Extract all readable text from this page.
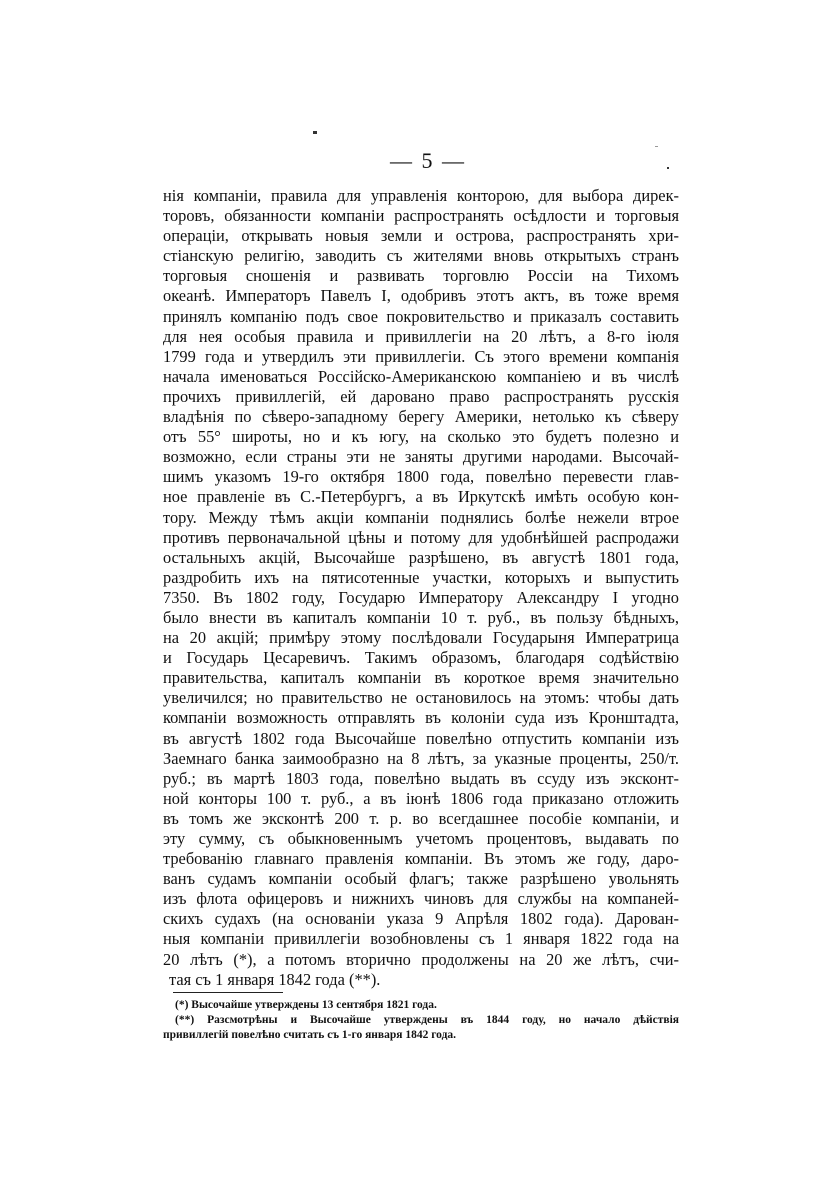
— 5 —
нія компаніи, правила для управленія конторою, для выбора дирек-
торовъ, обязанности компаніи распространять осѣдлости и торговыя
операціи, открывать новыя земли и острова, распространять хри-
стіанскую религію, заводить съ жителями вновь открытыхъ странъ
торговыя сношенія и развивать торговлю Россіи на Тихомъ
океанѣ. Императоръ Павелъ I, одобривъ этотъ актъ, въ тоже время
принялъ компанію подъ свое покровительство и приказалъ составить
для нея особыя правила и привиллегіи на 20 лѣтъ, а 8-го іюля
1799 года и утвердилъ эти привиллегіи. Съ этого времени компанія
начала именоваться Россійско-Американскою компаніею и въ числѣ
прочихъ привиллегій, ей даровано право распространять русскія
владѣнія по сѣверо-западному берегу Америки, нетолько къ сѣверу
отъ 55° широты, но и къ югу, на сколько это будетъ полезно и
возможно, если страны эти не заняты другими народами. Высочай-
шимъ указомъ 19-го октября 1800 года, повелѣно перевести глав-
ное правленіе въ С.-Петербургъ, а въ Иркутскѣ имѣть особую кон-
тору. Между тѣмъ акціи компаніи поднялись болѣе нежели втрое
противъ первоначальной цѣны и потому для удобнѣйшей распродажи
остальныхъ акцій, Высочайше разрѣшено, въ августѣ 1801 года,
раздробить ихъ на пятисотенные участки, которыхъ и выпустить
7350. Въ 1802 году, Государю Императору Александру I угодно
было внести въ капиталъ компаніи 10 т. руб., въ пользу бѣдныхъ,
на 20 акцій; примѣру этому послѣдовали Государыня Императрица
и Государь Цесаревичъ. Такимъ образомъ, благодаря содѣйствію
правительства, капиталъ компаніи въ короткое время значительно
увеличился; но правительство не остановилось на этомъ: чтобы дать
компаніи возможность отправлять въ колоніи суда изъ Кронштадта,
въ августѣ 1802 года Высочайше повелѣно отпустить компаніи изъ
Заемнаго банка заимообразно на 8 лѣтъ, за указные проценты, 250/т.
руб.; въ мартѣ 1803 года, повелѣно выдать въ ссуду изъ эксконт-
ной конторы 100 т. руб., а въ іюнѣ 1806 года приказано отложить
въ томъ же эксконтѣ 200 т. р. во всегдашнее пособіе компаніи, и
эту сумму, съ обыкновеннымъ учетомъ процентовъ, выдавать по
требованію главнаго правленія компаніи. Въ этомъ же году, даро-
ванъ судамъ компаніи особый флагъ; также разрѣшено увольнять
изъ флота офицеровъ и нижнихъ чиновъ для службы на компаней-
скихъ судахъ (на основаніи указа 9 Апрѣля 1802 года). Дарован-
ныя компаніи привиллегіи возобновлены съ 1 января 1822 года на
20 лѣтъ (*), а потомъ вторично продолжены на 20 же лѣтъ, счи-
тая съ 1 января 1842 года (**).
(*) Высочайше утверждены 13 сентября 1821 года.
(**) Разсмотрѣны и Высочайше утверждены въ 1844 году, но начало дѣйствія
привиллегій повелѣно считать съ 1-го января 1842 года.
